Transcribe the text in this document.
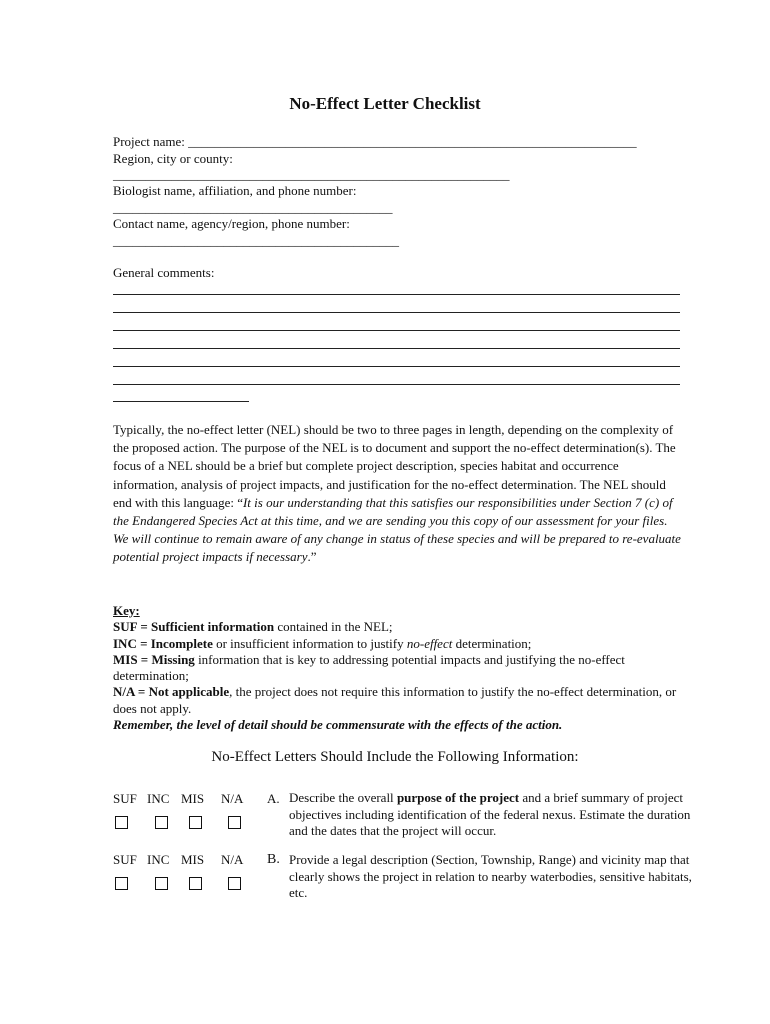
No-Effect Letter Checklist
Project name: _____________________________________________________________________
Region, city or county:
_____________________________________________________________
Biologist name, affiliation, and phone number:
___________________________________________
Contact name, agency/region, phone number:
____________________________________________
General comments:
Typically, the no-effect letter (NEL) should be two to three pages in length, depending on the complexity of the proposed action. The purpose of the NEL is to document and support the no-effect determination(s). The focus of a NEL should be a brief but complete project description, species habitat and occurrence information, analysis of project impacts, and justification for the no-effect determination. The NEL should end with this language: “It is our understanding that this satisfies our responsibilities under Section 7 (c) of the Endangered Species Act at this time, and we are sending you this copy of our assessment for your files. We will continue to remain aware of any change in status of these species and will be prepared to re-evaluate potential project impacts if necessary.”
Key:
SUF = Sufficient information contained in the NEL;
INC = Incomplete or insufficient information to justify no-effect determination;
MIS = Missing information that is key to addressing potential impacts and justifying the no-effect determination;
N/A = Not applicable, the project does not require this information to justify the no-effect determination, or does not apply.
Remember, the level of detail should be commensurate with the effects of the action.
No-Effect Letters Should Include the Following Information:
SUF INC MIS N/A A. Describe the overall purpose of the project and a brief summary of project objectives including identification of the federal nexus. Estimate the duration and the dates that the project will occur.
SUF INC MIS N/A B. Provide a legal description (Section, Township, Range) and vicinity map that clearly shows the project in relation to nearby waterbodies, sensitive habitats, etc.
